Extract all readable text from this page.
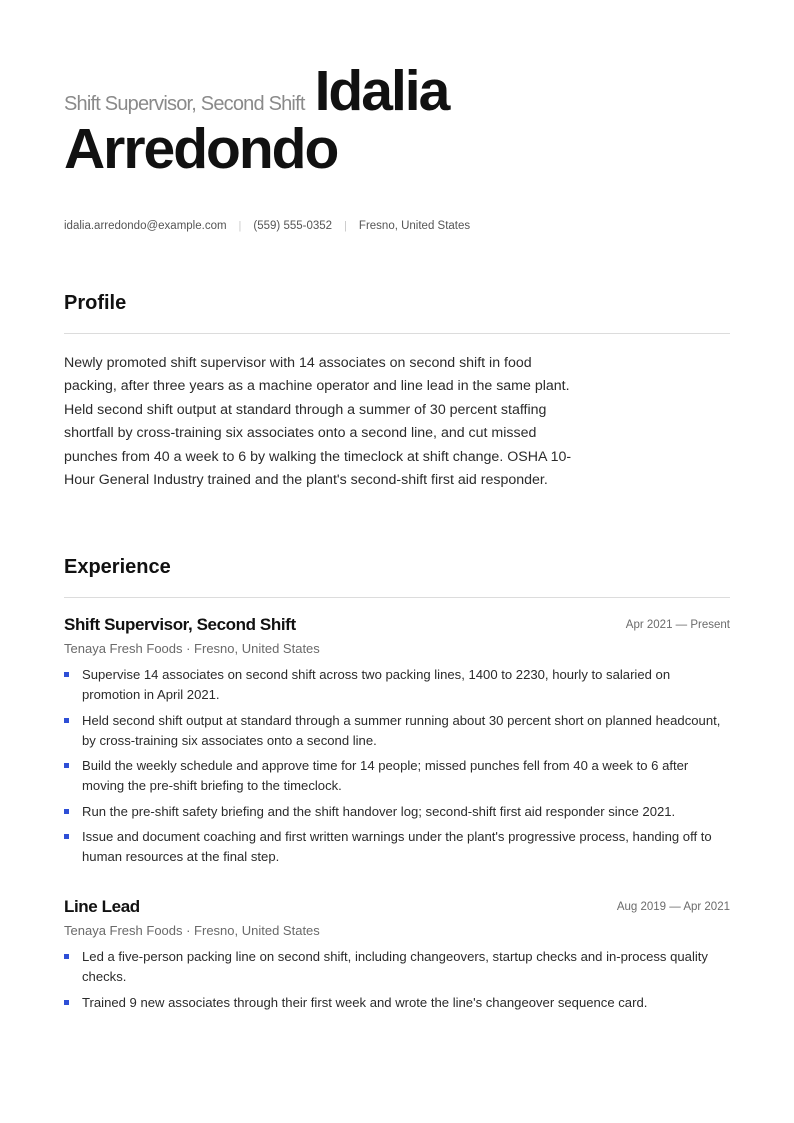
Shift Supervisor, Second Shift Idalia
Arredondo
idalia.arredondo@example.com | (559) 555-0352 | Fresno, United States
Profile

Newly promoted shift supervisor with 14 associates on second shift in food packing, after three years as a machine operator and line lead in the same plant. Held second shift output at standard through a summer of 30 percent staffing shortfall by cross-training six associates onto a second line, and cut missed punches from 40 a week to 6 by walking the timeclock at shift change. OSHA 10-Hour General Industry trained and the plant's second-shift first aid responder.

Experience
Shift Supervisor, Second Shift	Apr 2021 — Present
Tenaya Fresh Foods · Fresno, United States
Supervise 14 associates on second shift across two packing lines, 1400 to 2230, hourly to salaried on promotion in April 2021.
Held second shift output at standard through a summer running about 30 percent short on planned headcount, by cross-training six associates onto a second line.
Build the weekly schedule and approve time for 14 people; missed punches fell from 40 a week to 6 after moving the pre-shift briefing to the timeclock.
Run the pre-shift safety briefing and the shift handover log; second-shift first aid responder since 2021.
Issue and document coaching and first written warnings under the plant's progressive process, handing off to human resources at the final step.
Line Lead	Aug 2019 — Apr 2021
Tenaya Fresh Foods · Fresno, United States
Led a five-person packing line on second shift, including changeovers, startup checks and in-process quality checks.
Trained 9 new associates through their first week and wrote the line's changeover sequence card.
